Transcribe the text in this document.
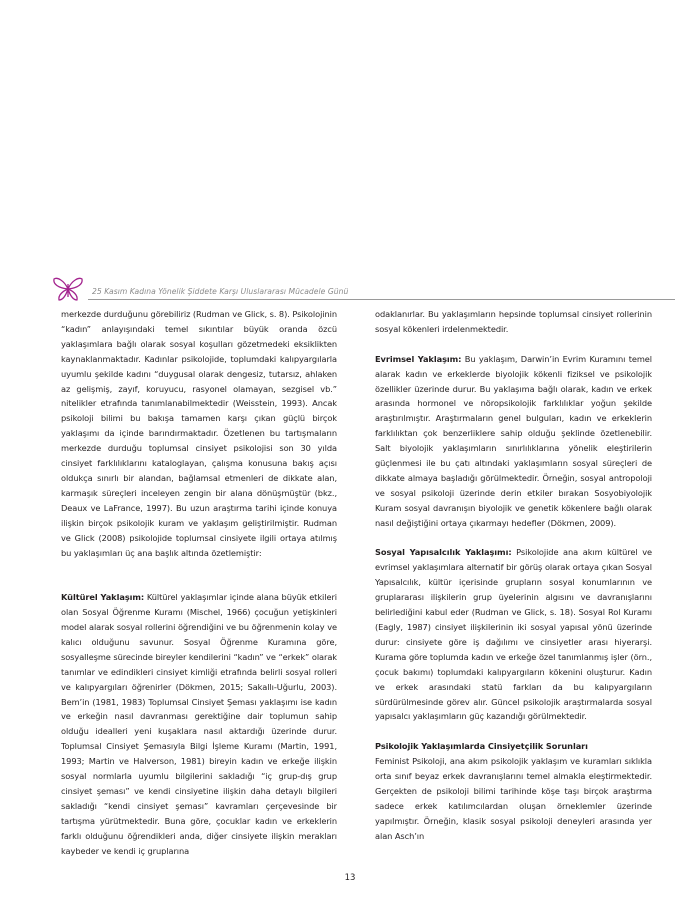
25 Kasım Kadına Yönelik Şiddete Karşı Uluslararası Mücadele Günü

merkezde durduğunu görebiliriz (Rudman ve Glick, s. 8). Psikolojinin “kadın” anlayışındaki temel sıkıntılar büyük oranda özcü yaklaşımlara bağlı olarak sosyal koşulları gözetmedeki eksiklikten kaynaklanmaktadır. Kadınlar psikolojide, toplumdaki kalıpyargılarla uyumlu şekilde kadını “duygusal olarak dengesiz, tutarsız, ahlaken az gelişmiş, zayıf, koruyucu, rasyonel olamayan, sezgisel vb.” nitelikler etrafında tanımlanabilmektedir (Weisstein, 1993). Ancak psikoloji bilimi bu bakışa tamamen karşı çıkan güçlü birçok yaklaşımı da içinde barındırmaktadır. Özetlenen bu tartışmaların merkezde durduğu toplumsal cinsiyet psikolojisi son 30 yılda cinsiyet farklılıklarını kataloglayan, çalışma konusuna bakış açısı oldukça sınırlı bir alandan, bağlamsal etmenleri de dikkate alan, karmaşık süreçleri inceleyen zengin bir alana dönüşmüştür (bkz., Deaux ve LaFrance, 1997). Bu uzun araştırma tarihi içinde konuya ilişkin birçok psikolojik kuram ve yaklaşım geliştirilmiştir. Rudman ve Glick (2008) psikolojide toplumsal cinsiyete ilgili ortaya atılmış bu yaklaşımları üç ana başlık altında özetlemiştir:

Kültürel Yaklaşım: Kültürel yaklaşımlar içinde alana büyük etkileri olan Sosyal Öğrenme Kuramı (Mischel, 1966) çocuğun yetişkinleri model alarak sosyal rollerini öğrendiğini ve bu öğrenmenin kolay ve kalıcı olduğunu savunur. Sosyal Öğrenme Kuramına göre, sosyalleşme sürecinde bireyler kendilerini “kadın” ve “erkek” olarak tanımlar ve edindikleri cinsiyet kimliği etrafında belirli sosyal rolleri ve kalıpyargıları öğrenirler (Dökmen, 2015; Sakallı-Uğurlu, 2003). Bem’in (1981, 1983) Toplumsal Cinsiyet Şeması yaklaşımı ise kadın ve erkeğin nasıl davranması gerektiğine dair toplumun sahip olduğu idealleri yeni kuşaklara nasıl aktardığı üzerinde durur. Toplumsal Cinsiyet Şemasıyla Bilgi İşleme Kuramı (Martin, 1991, 1993; Martin ve Halverson, 1981) bireyin kadın ve erkeğe ilişkin sosyal normlarla uyumlu bilgilerini sakladığı “iç grup-dış grup cinsiyet şeması” ve kendi cinsiyetine ilişkin daha detaylı bilgileri sakladığı “kendi cinsiyet şeması” kavramları çerçevesinde bir tartışma yürütmektedir. Buna göre, çocuklar kadın ve erkeklerin farklı olduğunu öğrendikleri anda, diğer cinsiyete ilişkin merakları kaybeder ve kendi iç gruplarına

odaklanırlar. Bu yaklaşımların hepsinde toplumsal cinsiyet rollerinin sosyal kökenleri irdelenmektedir.

Evrimsel Yaklaşım: Bu yaklaşım, Darwin’in Evrim Kuramını temel alarak kadın ve erkeklerde biyolojik kökenli fiziksel ve psikolojik özellikler üzerinde durur. Bu yaklaşıma bağlı olarak, kadın ve erkek arasında hormonel ve nöropsikolojik farklılıklar yoğun şekilde araştırılmıştır. Araştırmaların genel bulguları, kadın ve erkeklerin farklılıktan çok benzerliklere sahip olduğu şeklinde özetlenebilir. Salt biyolojik yaklaşımların sınırlılıklarına yönelik eleştirilerin güçlenmesi ile bu çatı altındaki yaklaşımların sosyal süreçleri de dikkate almaya başladığı görülmektedir. Örneğin, sosyal antropoloji ve sosyal psikoloji üzerinde derin etkiler bırakan Sosyobiyolojik Kuram sosyal davranışın biyolojik ve genetik kökenlere bağlı olarak nasıl değiştiğini ortaya çıkarmayı hedefler (Dökmen, 2009).

Sosyal Yapısalcılık Yaklaşımı: Psikolojide ana akım kültürel ve evrimsel yaklaşımlara alternatif bir görüş olarak ortaya çıkan Sosyal Yapısalcılık, kültür içerisinde grupların sosyal konumlarının ve gruplararası ilişkilerin grup üyelerinin algısını ve davranışlarını belirlediğini kabul eder (Rudman ve Glick, s. 18). Sosyal Rol Kuramı (Eagly, 1987) cinsiyet ilişkilerinin iki sosyal yapısal yönü üzerinde durur: cinsiyete göre iş dağılımı ve cinsiyetler arası hiyerarşi. Kurama göre toplumda kadın ve erkeğe özel tanımlanmış işler (örn., çocuk bakımı) toplumdaki kalıpyargıların kökenini oluşturur. Kadın ve erkek arasındaki statü farkları da bu kalıpyargıların sürdürülmesinde görev alır. Güncel psikolojik araştırmalarda sosyal yapısalcı yaklaşımların güç kazandığı görülmektedir.

Psikolojik Yaklaşımlarda Cinsiyetçilik Sorunları

Feminist Psikoloji, ana akım psikolojik yaklaşım ve kuramları sıklıkla orta sınıf beyaz erkek davranışlarını temel almakla eleştirmektedir. Gerçekten de psikoloji bilimi tarihinde köşe taşı birçok araştırma sadece erkek katılımcılardan oluşan örneklemler üzerinde yapılmıştır. Örneğin, klasik sosyal psikoloji deneyleri arasında yer alan Asch’ın

13
